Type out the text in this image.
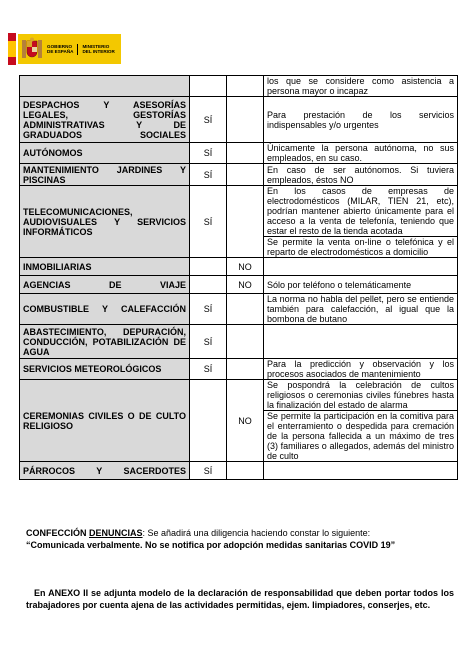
GOBIERNO
DE ESPAÑA
MINISTERIO
DEL INTERIOR

			los que se considere como asistencia a persona mayor o incapaz

DESPACHOS Y ASESORÍAS LEGALES, GESTORÍAS ADMINISTRATIVAS Y DE GRADUADOS SOCIALES	SÍ		Para prestación de los servicios indispensables y/o urgentes

AUTÓNOMOS	SÍ		Únicamente la persona autónoma, no sus empleados, en su caso.

MANTENIMIENTO JARDINES Y PISCINAS	SÍ		En caso de ser autónomos. Si tuviera empleados, éstos NO

TELECOMUNICACIONES, AUDIOVISUALES Y SERVICIOS INFORMÁTICOS	SÍ		En los casos de empresas de electrodomésticos (MILAR, TIEN 21, etc), podrían mantener abierto únicamente para el acceso a la venta de telefonía, teniendo que estar el resto de la tienda acotada
Se permite la venta on-line o telefónica y el reparto de electrodomésticos a domicilio

INMOBILIARIAS		NO	

AGENCIAS DE VIAJE		NO	Sólo por teléfono o telemáticamente

COMBUSTIBLE Y CALEFACCIÓN	SÍ		La norma no habla del pellet, pero se entiende también para calefacción, al igual que la bombona de butano

ABASTECIMIENTO, DEPURACIÓN, CONDUCCIÓN, POTABILIZACIÓN DE AGUA	SÍ		

SERVICIOS METEOROLÓGICOS	SÍ		Para la predicción y observación y los procesos asociados de mantenimiento

CEREMONIAS CIVILES O DE CULTO RELIGIOSO		NO	Se pospondrá la celebración de cultos religiosos o ceremonias civiles fúnebres hasta la finalización del estado de alarma
Se permite la participación en la comitiva para el enterramiento o despedida para cremación de la persona fallecida a un máximo de tres (3) familiares o allegados, además del ministro de culto

PÁRROCOS Y SACERDOTES	SÍ		
CONFECCIÓN DENUNCIAS: Se añadirá una diligencia haciendo constar lo siguiente:
“Comunicada verbalmente. No se notifica por adopción medidas sanitarias COVID 19”
En ANEXO II se adjunta modelo de la declaración de responsabilidad que deben portar todos los trabajadores por cuenta ajena de las actividades permitidas, ejem. limpiadores, conserjes, etc.
